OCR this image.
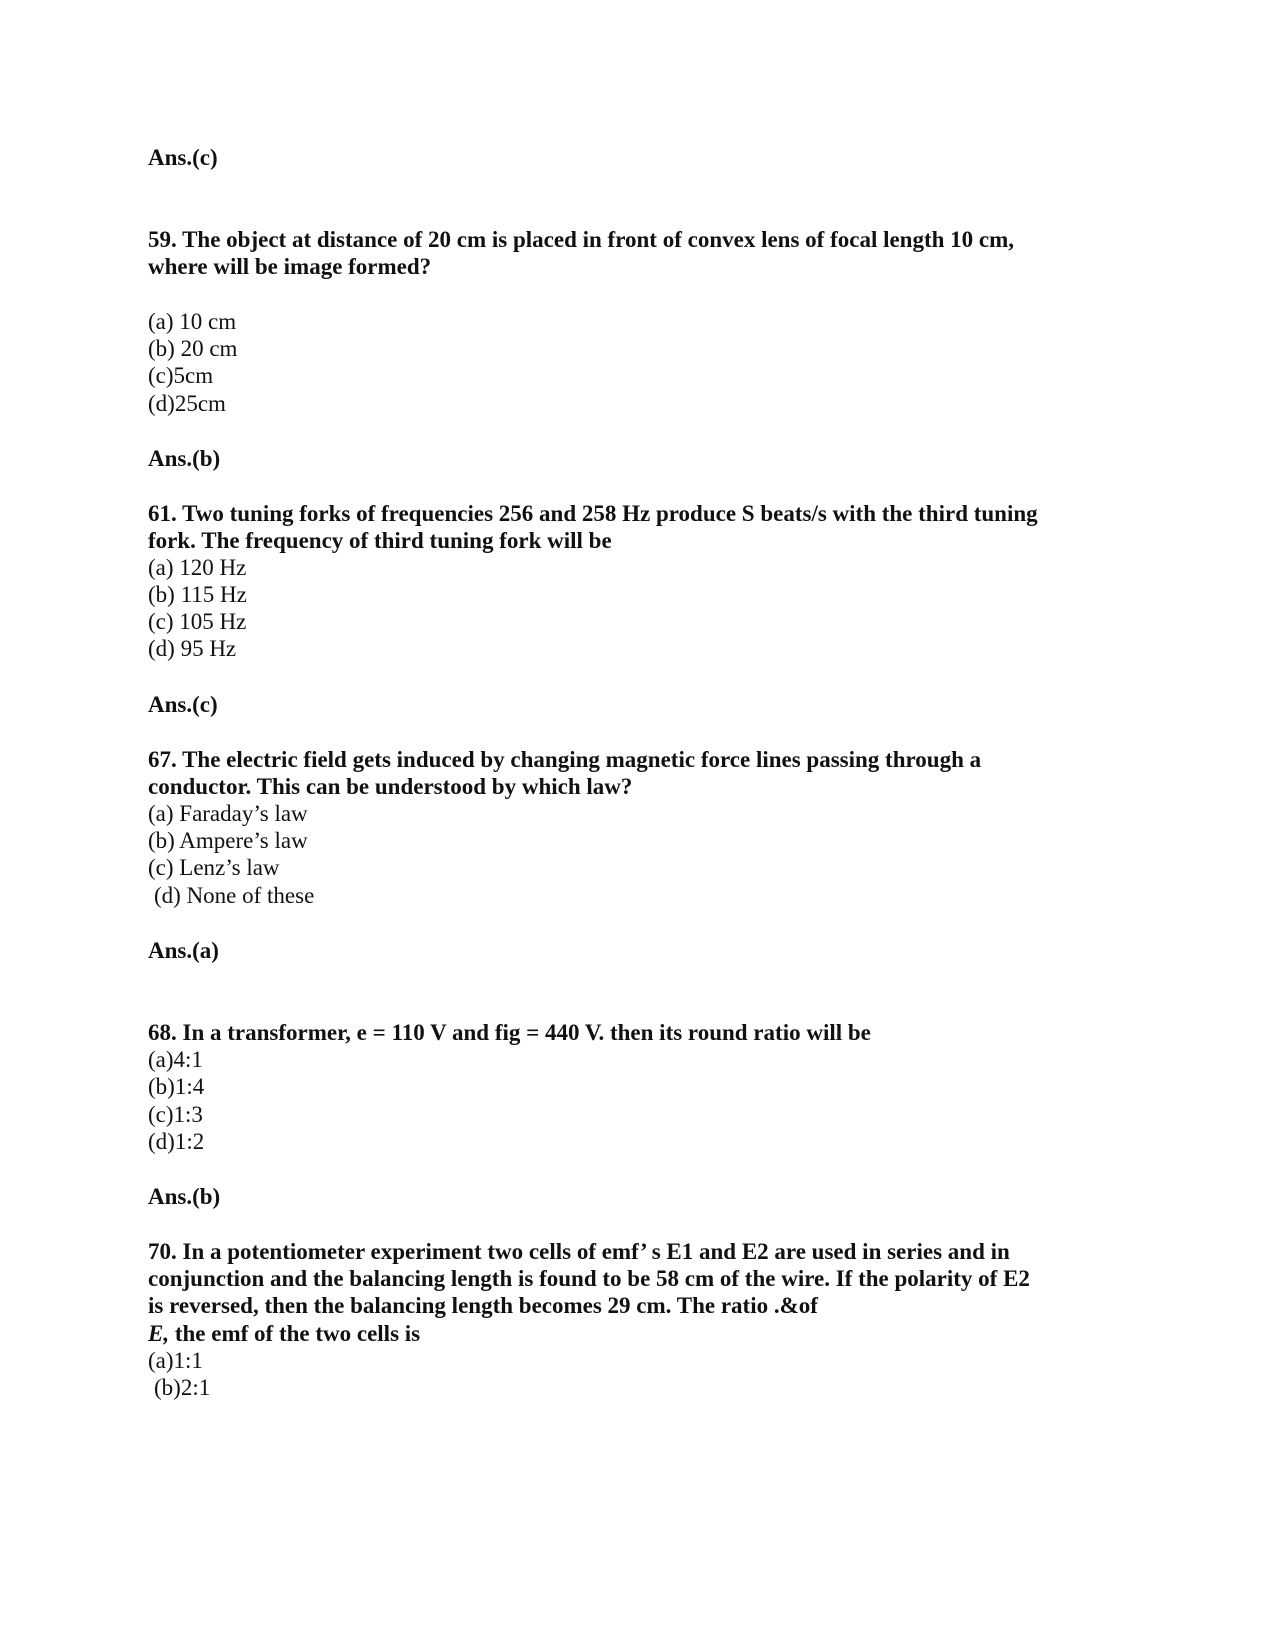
Ans.(c)
59. The object at distance of 20 cm is placed in front of convex lens of focal length 10 cm,
where will be image formed?
(a) 10 cm
(b) 20 cm
(c)5cm
(d)25cm
Ans.(b)
61. Two tuning forks of frequencies 256 and 258 Hz produce S beats/s with the third tuning
fork. The frequency of third tuning fork will be
(a) 120 Hz
(b) 115 Hz
(c) 105 Hz
(d) 95 Hz
Ans.(c)
67. The electric field gets induced by changing magnetic force lines passing through a
conductor. This can be understood by which law?
(a) Faraday’s law
(b) Ampere’s law
(c) Lenz’s law
(d) None of these
Ans.(a)
68. In a transformer, e = 110 V and fig = 440 V. then its round ratio will be
(a)4:1
(b)1:4
(c)1:3
(d)1:2
Ans.(b)
70. In a potentiometer experiment two cells of emf’ s E1 and E2 are used in series and in
conjunction and the balancing length is found to be 58 cm of the wire. If the polarity of E2
is reversed, then the balancing length becomes 29 cm. The ratio .&of
E, the emf of the two cells is
(a)1:1
(b)2:1
